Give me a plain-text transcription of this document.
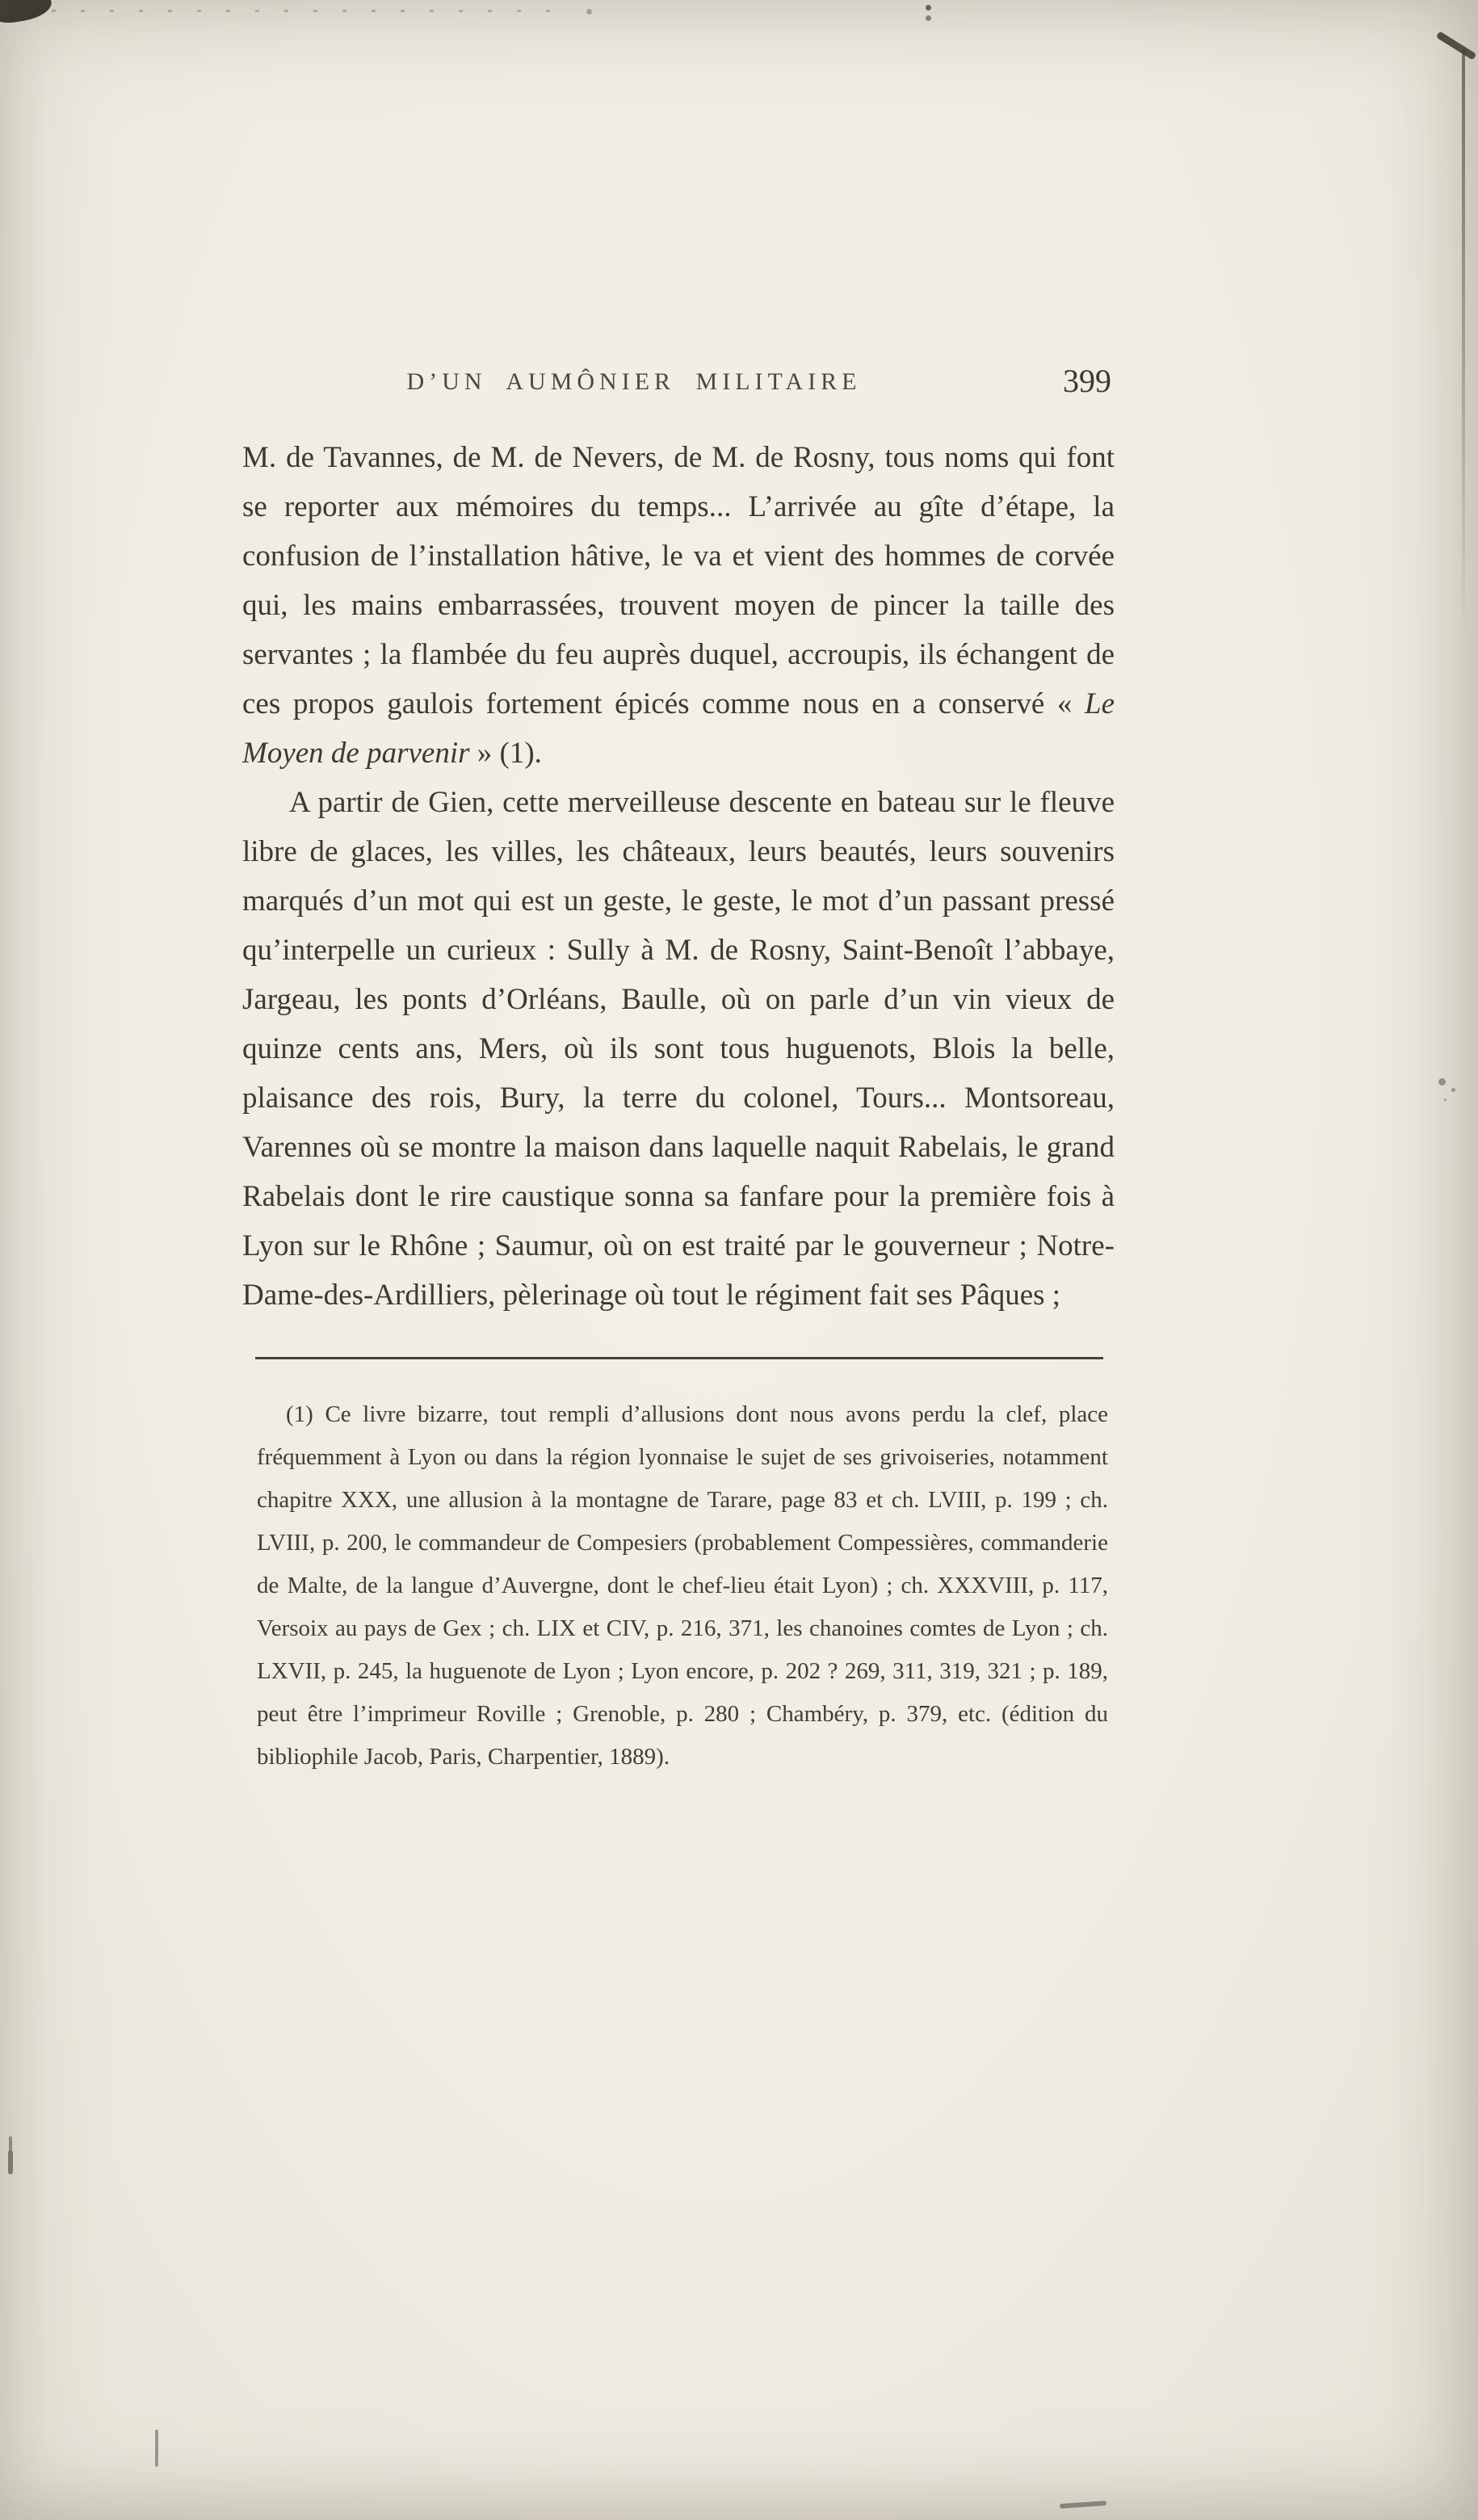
D’UN AUMÔNIER MILITAIRE	399

M. de Tavannes, de M. de Nevers, de M. de Rosny, tous noms qui font se reporter aux mémoires du temps... L’arrivée au gîte d’étape, la confusion de l’installation hâtive, le va et vient des hommes de corvée qui, les mains embarrassées, trouvent moyen de pincer la taille des servantes ; la flambée du feu auprès duquel, accroupis, ils échangent de ces propos gaulois fortement épicés comme nous en a conservé « Le Moyen de parvenir » (1).

A partir de Gien, cette merveilleuse descente en bateau sur le fleuve libre de glaces, les villes, les châteaux, leurs beautés, leurs souvenirs marqués d’un mot qui est un geste, le geste, le mot d’un passant pressé qu’interpelle un curieux : Sully à M. de Rosny, Saint-Benoît l’abbaye, Jargeau, les ponts d’Orléans, Baulle, où on parle d’un vin vieux de quinze cents ans, Mers, où ils sont tous huguenots, Blois la belle, plaisance des rois, Bury, la terre du colonel, Tours... Montsoreau, Varennes où se montre la maison dans laquelle naquit Rabelais, le grand Rabelais dont le rire caustique sonna sa fanfare pour la première fois à Lyon sur le Rhône ; Saumur, où on est traité par le gouverneur ; Notre-Dame-des-Ardilliers, pèlerinage où tout le régiment fait ses Pâques ;

(1) Ce livre bizarre, tout rempli d’allusions dont nous avons perdu la clef, place fréquemment à Lyon ou dans la région lyonnaise le sujet de ses grivoiseries, notamment chapitre XXX, une allusion à la montagne de Tarare, page 83 et ch. LVIII, p. 199 ; ch. LVIII, p. 200, le commandeur de Compesiers (probablement Compessières, commanderie de Malte, de la langue d’Auvergne, dont le chef-lieu était Lyon) ; ch. XXXVIII, p. 117, Versoix au pays de Gex ; ch. LIX et CIV, p. 216, 371, les chanoines comtes de Lyon ; ch. LXVII, p. 245, la huguenote de Lyon ; Lyon encore, p. 202 ? 269, 311, 319, 321 ; p. 189, peut être l’imprimeur Roville ; Grenoble, p. 280 ; Chambéry, p. 379, etc. (édition du bibliophile Jacob, Paris, Charpentier, 1889).
